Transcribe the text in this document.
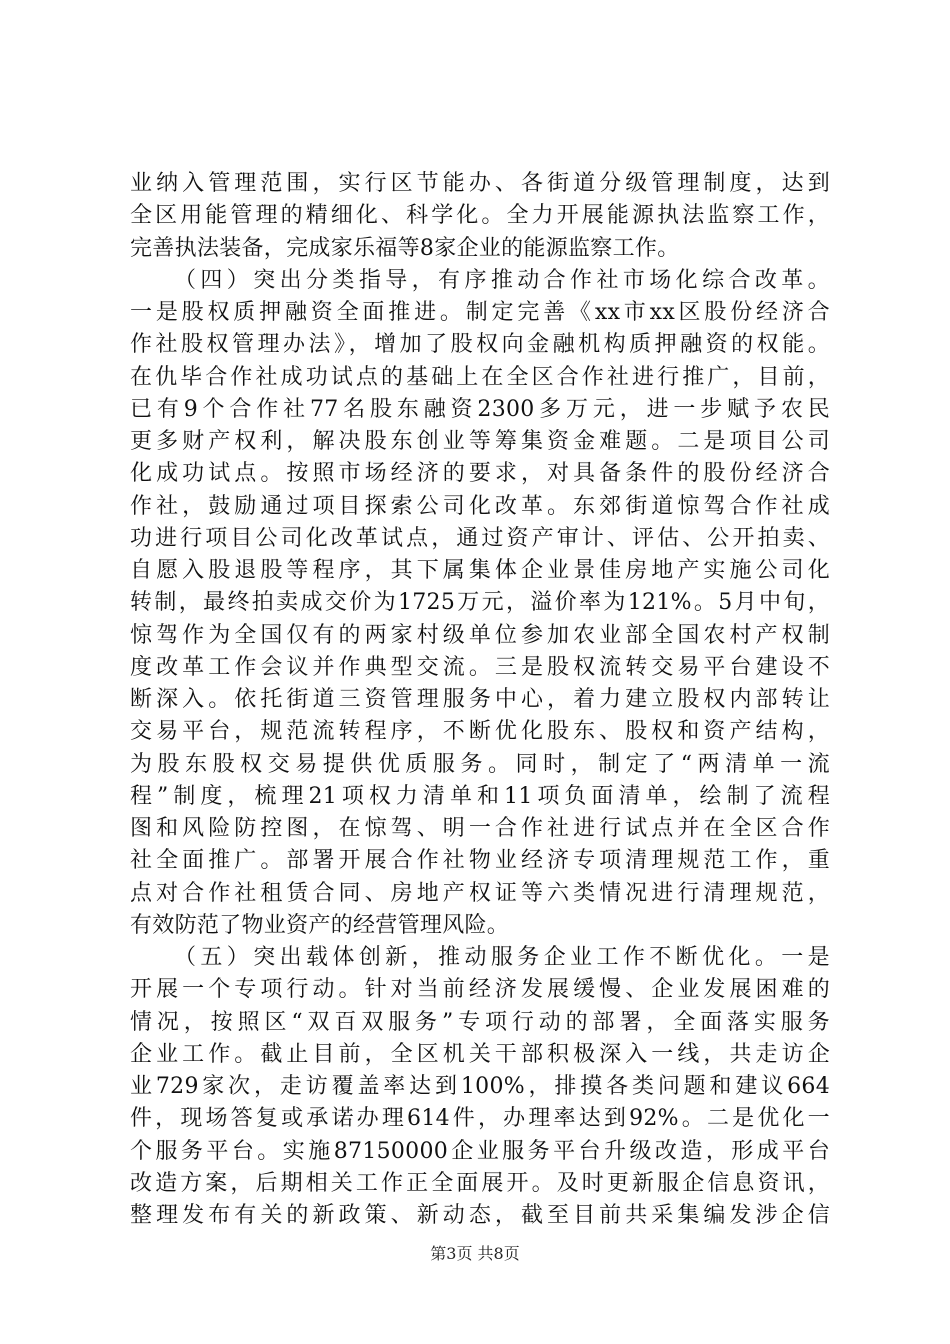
业纳入管理范围，实行区节能办、各街道分级管理制度，达到
全区用能管理的精细化、科学化。全力开展能源执法监察工作，
完善执法装备，完成家乐福等8家企业的能源监察工作。
（四）突出分类指导，有序推动合作社市场化综合改革。
一是股权质押融资全面推进。制定完善《xx市xx区股份经济合
作社股权管理办法》，增加了股权向金融机构质押融资的权能。
在仇毕合作社成功试点的基础上在全区合作社进行推广，目前，
已有9个合作社77名股东融资2300多万元，进一步赋予农民
更多财产权利，解决股东创业等筹集资金难题。二是项目公司
化成功试点。按照市场经济的要求，对具备条件的股份经济合
作社，鼓励通过项目探索公司化改革。东郊街道惊驾合作社成
功进行项目公司化改革试点，通过资产审计、评估、公开拍卖、
自愿入股退股等程序，其下属集体企业景佳房地产实施公司化
转制，最终拍卖成交价为1725万元，溢价率为121%。5月中旬，
惊驾作为全国仅有的两家村级单位参加农业部全国农村产权制
度改革工作会议并作典型交流。三是股权流转交易平台建设不
断深入。依托街道三资管理服务中心，着力建立股权内部转让
交易平台，规范流转程序，不断优化股东、股权和资产结构，
为股东股权交易提供优质服务。同时，制定了“两清单一流
程”制度，梳理21项权力清单和11项负面清单，绘制了流程
图和风险防控图，在惊驾、明一合作社进行试点并在全区合作
社全面推广。部署开展合作社物业经济专项清理规范工作，重
点对合作社租赁合同、房地产权证等六类情况进行清理规范，
有效防范了物业资产的经营管理风险。
（五）突出载体创新，推动服务企业工作不断优化。一是
开展一个专项行动。针对当前经济发展缓慢、企业发展困难的
情况，按照区“双百双服务”专项行动的部署，全面落实服务
企业工作。截止目前，全区机关干部积极深入一线，共走访企
业729家次，走访覆盖率达到100%，排摸各类问题和建议664
件，现场答复或承诺办理614件，办理率达到92%。二是优化一
个服务平台。实施87150000企业服务平台升级改造，形成平台
改造方案，后期相关工作正全面展开。及时更新服企信息资讯，
整理发布有关的新政策、新动态，截至目前共采集编发涉企信
第3页 共8页
